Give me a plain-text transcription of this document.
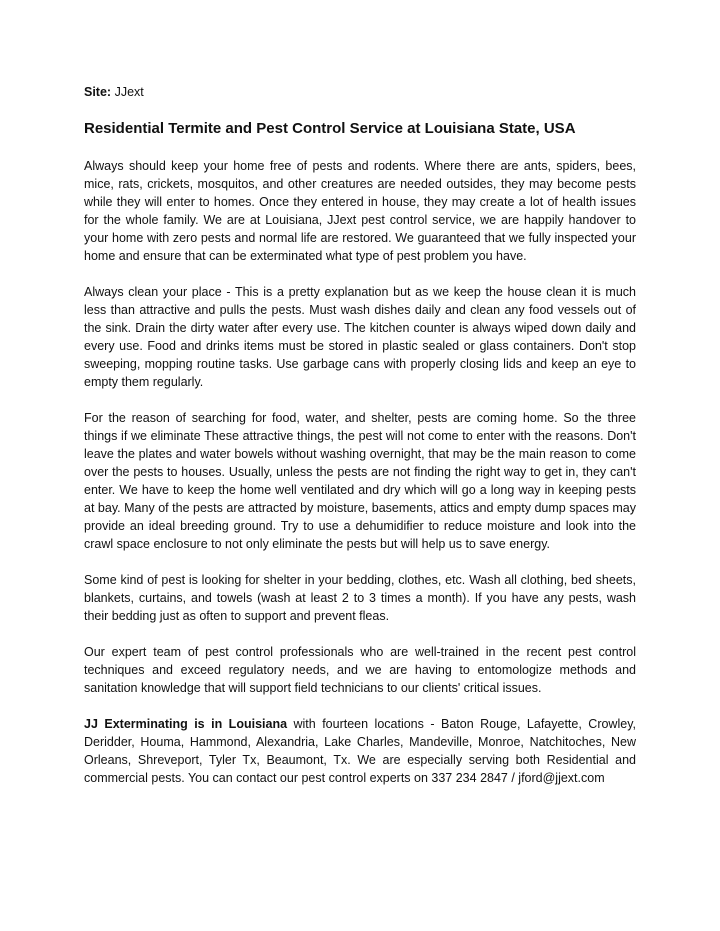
Site: JJext
Residential Termite and Pest Control Service at Louisiana State, USA

Always should keep your home free of pests and rodents. Where there are ants, spiders, bees, mice, rats, crickets, mosquitos, and other creatures are needed outsides, they may become pests while they will enter to homes. Once they entered in house, they may create a lot of health issues for the whole family. We are at Louisiana, JJext pest control service, we are happily handover to your home with zero pests and normal life are restored. We guaranteed that we fully inspected your home and ensure that can be exterminated what type of pest problem you have.

Always clean your place - This is a pretty explanation but as we keep the house clean it is much less than attractive and pulls the pests. Must wash dishes daily and clean any food vessels out of the sink. Drain the dirty water after every use. The kitchen counter is always wiped down daily and every use. Food and drinks items must be stored in plastic sealed or glass containers. Don't stop sweeping, mopping routine tasks. Use garbage cans with properly closing lids and keep an eye to empty them regularly.

For the reason of searching for food, water, and shelter, pests are coming home. So the three things if we eliminate These attractive things, the pest will not come to enter with the reasons. Don't leave the plates and water bowels without washing overnight, that may be the main reason to come over the pests to houses. Usually, unless the pests are not finding the right way to get in, they can't enter. We have to keep the home well ventilated and dry which will go a long way in keeping pests at bay. Many of the pests are attracted by moisture, basements, attics and empty dump spaces may provide an ideal breeding ground. Try to use a dehumidifier to reduce moisture and look into the crawl space enclosure to not only eliminate the pests but will help us to save energy.

Some kind of pest is looking for shelter in your bedding, clothes, etc. Wash all clothing, bed sheets, blankets, curtains, and towels (wash at least 2 to 3 times a month). If you have any pests, wash their bedding just as often to support and prevent fleas.

Our expert team of pest control professionals who are well-trained in the recent pest control techniques and exceed regulatory needs, and we are having to entomologize methods and sanitation knowledge that will support field technicians to our clients' critical issues.

JJ Exterminating is in Louisiana with fourteen locations - Baton Rouge, Lafayette, Crowley, Deridder, Houma, Hammond, Alexandria, Lake Charles, Mandeville, Monroe, Natchitoches, New Orleans, Shreveport, Tyler Tx, Beaumont, Tx. We are especially serving both Residential and commercial pests. You can contact our pest control experts on 337 234 2847 / jford@jjext.com
